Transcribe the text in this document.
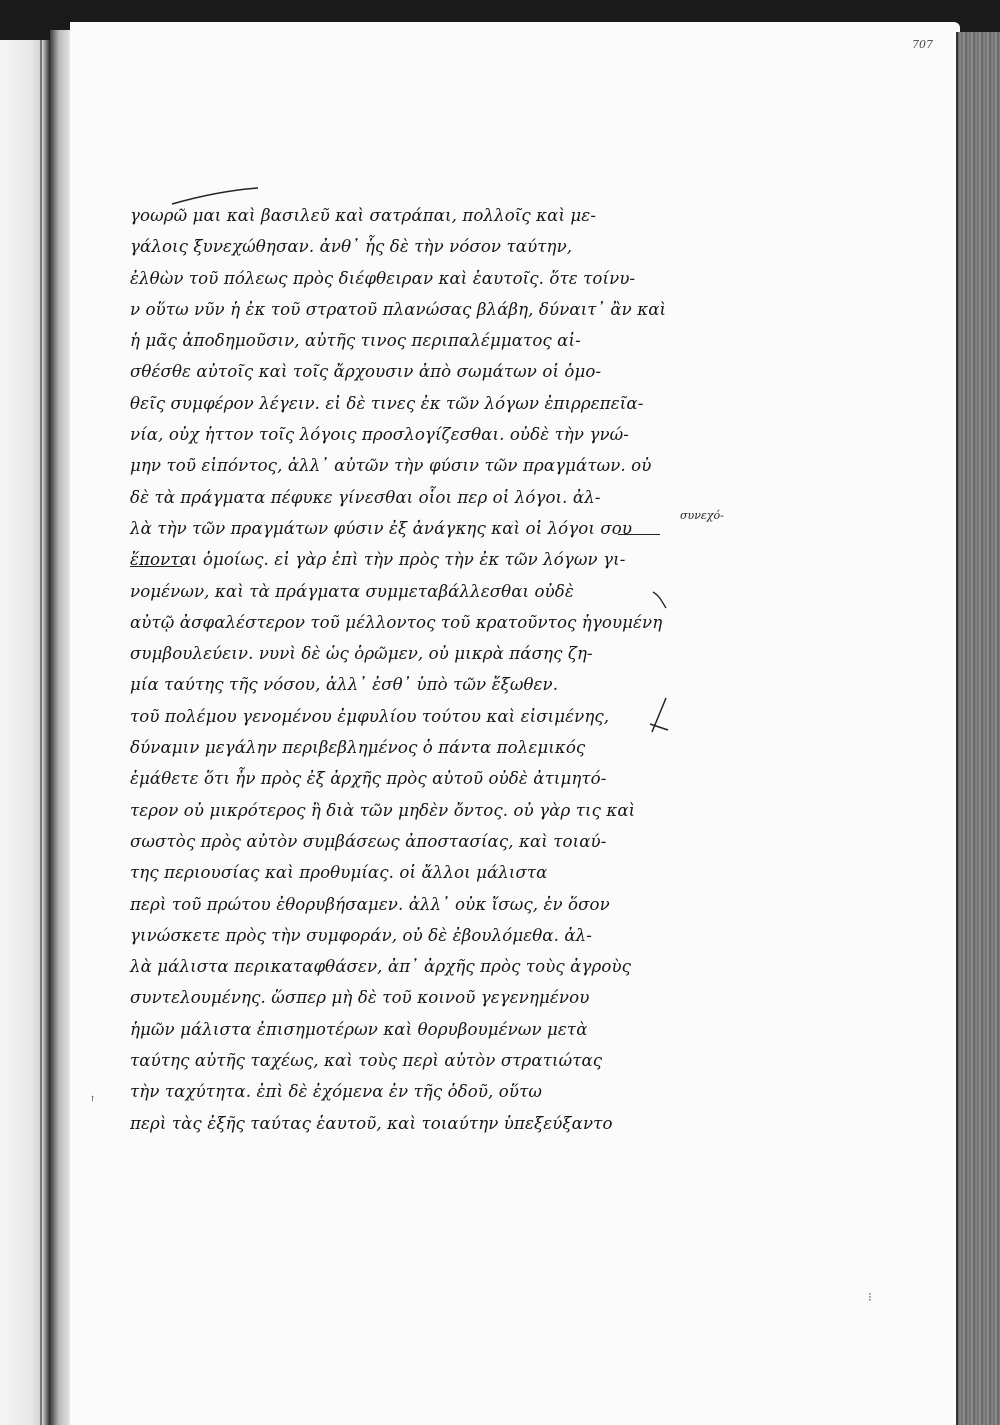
707
γοωρῶ μαι καὶ βασιλεῦ καὶ σατράπαι, πολλοῖς καὶ με-
γάλοις ξυνεχώθησαν. ἀνθ᾽ ἧς δὲ τὴν νόσον ταύτην,
ἐλθὼν τοῦ πόλεως πρὸς διέφθειραν καὶ ἑαυτοῖς. ὅτε τοίνυ-
ν οὕτω νῦν ἡ ἐκ τοῦ στρατοῦ πλανώσας βλάβη, δύναιτ᾽ ἂν καὶ
ἡ μᾶς ἀποδημοῦσιν, αὐτῆς τινος περιπαλέμματος αἰ-
σθέσθε αὐτοῖς καὶ τοῖς ἄρχουσιν ἀπὸ σωμάτων οἱ ὁμο-
θεῖς συμφέρον λέγειν. εἰ δὲ τινες ἐκ τῶν λόγων ἐπιρρεπεῖα-
νία, οὐχ ἡττον τοῖς λόγοις προσλογίζεσθαι. οὐδὲ τὴν γνώ-
μην τοῦ εἰπόντος, ἀλλ᾽ αὐτῶν τὴν φύσιν τῶν πραγμάτων. οὐ
δὲ τὰ πράγματα πέφυκε γίνεσθαι οἷοι περ οἱ λόγοι. ἀλ-
λὰ τὴν τῶν πραγμάτων φύσιν ἐξ ἀνάγκης καὶ οἱ λόγοι σου
ἕπονται ὁμοίως. εἰ γὰρ ἐπὶ τὴν πρὸς τὴν ἐκ τῶν λόγων γι-
νομένων, καὶ τὰ πράγματα συμμεταβάλλεσθαι οὐδὲ
αὐτῷ ἀσφαλέστερον τοῦ μέλλοντος τοῦ κρατοῦντος ἡγουμένη
συμβουλεύειν. νυνὶ δὲ ὡς ὁρῶμεν, οὐ μικρὰ πάσης ζη-
μία ταύτης τῆς νόσου, ἀλλ᾽ ἐσθ᾽ ὑπὸ τῶν ἔξωθεν.
τοῦ πολέμου γενομένου ἐμφυλίου τούτου καὶ εἰσιμένης,
δύναμιν μεγάλην περιβεβλημένος ὁ πάντα πολεμικός
ἐμάθετε ὅτι ἦν πρὸς ἐξ ἀρχῆς πρὸς αὐτοῦ οὐδὲ ἀτιμητό-
τερον οὐ μικρότερος ἢ διὰ τῶν μηδὲν ὄντος. οὐ γὰρ τις καὶ
σωστὸς πρὸς αὐτὸν συμβάσεως ἀποστασίας, καὶ τοιαύ-
της περιουσίας καὶ προθυμίας. οἱ ἄλλοι μάλιστα
περὶ τοῦ πρώτου ἐθορυβήσαμεν. ἀλλ᾽ οὐκ ἴσως, ἐν ὅσον
γινώσκετε πρὸς τὴν συμφοράν, οὐ δὲ ἐβουλόμεθα. ἀλ-
λὰ μάλιστα περικαταφθάσεν, ἀπ᾽ ἀρχῆς πρὸς τοὺς ἀγροὺς
συντελουμένης. ὥσπερ μὴ δὲ τοῦ κοινοῦ γεγενημένου
ἡμῶν μάλιστα ἐπισημοτέρων καὶ θορυβουμένων μετὰ
ταύτης αὐτῆς ταχέως, καὶ τοὺς περὶ αὐτὸν στρατιώτας
τὴν ταχύτητα. ἐπὶ δὲ ἐχόμενα ἐν τῆς ὁδοῦ, οὕτω
περὶ τὰς ἐξῆς ταύτας ἑαυτοῦ, καὶ τοιαύτην ὑπεξεύξαντο
συνεχό-
ꜛ
⁝
